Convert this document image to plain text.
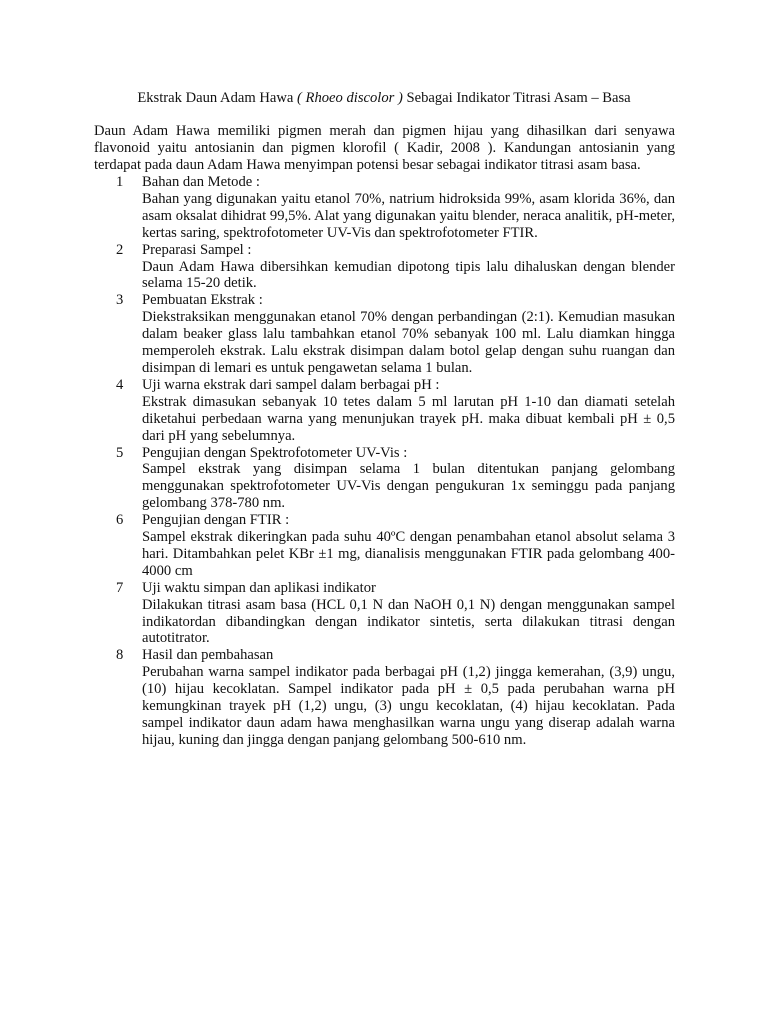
Ekstrak Daun Adam Hawa ( Rhoeo discolor ) Sebagai Indikator Titrasi Asam – Basa

Daun Adam Hawa memiliki pigmen merah dan pigmen hijau yang dihasilkan dari senyawa flavonoid yaitu antosianin dan pigmen klorofil ( Kadir, 2008 ). Kandungan antosianin yang terdapat pada daun Adam Hawa menyimpan potensi besar sebagai indikator titrasi asam basa.

1	Bahan dan Metode :

Bahan yang digunakan yaitu etanol 70%, natrium hidroksida 99%, asam klorida 36%, dan asam oksalat dihidrat 99,5%. Alat yang digunakan yaitu blender, neraca analitik, pH-meter, kertas saring, spektrofotometer UV-Vis dan spektrofotometer FTIR.

2	Preparasi Sampel :

Daun Adam Hawa dibersihkan kemudian dipotong tipis lalu dihaluskan dengan blender selama 15-20 detik.

3	Pembuatan Ekstrak :

Diekstraksikan menggunakan etanol 70% dengan perbandingan (2:1). Kemudian masukan dalam beaker glass lalu tambahkan etanol 70% sebanyak 100 ml. Lalu diamkan hingga memperoleh ekstrak. Lalu ekstrak disimpan dalam botol gelap dengan suhu ruangan dan disimpan di lemari es untuk pengawetan selama 1 bulan.

4	Uji warna ekstrak dari sampel dalam berbagai pH :

Ekstrak dimasukan sebanyak 10 tetes dalam 5 ml larutan pH 1-10 dan diamati setelah diketahui perbedaan warna yang menunjukan trayek pH. maka dibuat kembali pH ± 0,5 dari pH yang sebelumnya.

5	Pengujian dengan Spektrofotometer UV-Vis :

Sampel ekstrak yang disimpan selama 1 bulan ditentukan panjang gelombang menggunakan spektrofotometer UV-Vis dengan pengukuran 1x seminggu pada panjang gelombang 378-780 nm.

6	Pengujian dengan FTIR :

Sampel ekstrak dikeringkan pada suhu 40ºC dengan penambahan etanol absolut selama 3 hari. Ditambahkan pelet KBr ±1 mg, dianalisis menggunakan FTIR pada gelombang 400-4000 cm

7	Uji waktu simpan dan aplikasi indikator

Dilakukan titrasi asam basa (HCL 0,1 N dan NaOH 0,1 N) dengan menggunakan sampel indikatordan dibandingkan dengan indikator sintetis, serta dilakukan titrasi dengan autotitrator.

8	Hasil dan pembahasan

Perubahan warna sampel indikator pada berbagai pH (1,2) jingga kemerahan, (3,9) ungu, (10) hijau kecoklatan. Sampel indikator pada pH ± 0,5 pada perubahan warna pH kemungkinan trayek pH (1,2) ungu, (3) ungu kecoklatan, (4) hijau kecoklatan. Pada sampel indikator daun adam hawa menghasilkan warna ungu yang diserap adalah warna hijau, kuning dan jingga dengan panjang gelombang 500-610 nm.
